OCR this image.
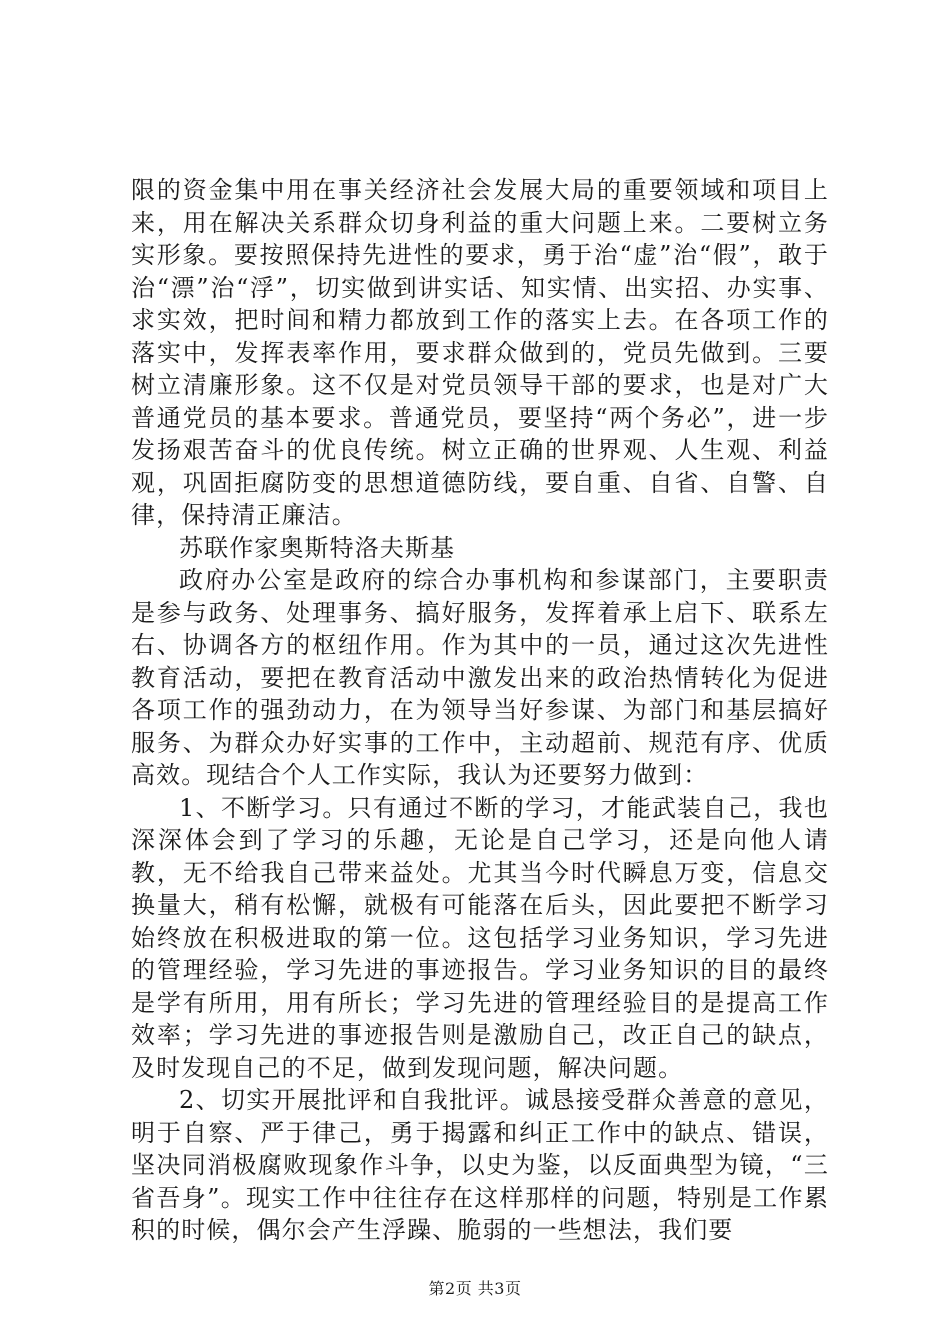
限的资金集中用在事关经济社会发展大局的重要领域和项目上来，用在解决关系群众切身利益的重大问题上来。二要树立务实形象。要按照保持先进性的要求，勇于治“虚”治“假”，敢于治“漂”治“浮”，切实做到讲实话、知实情、出实招、办实事、求实效，把时间和精力都放到工作的落实上去。在各项工作的落实中，发挥表率作用，要求群众做到的，党员先做到。三要树立清廉形象。这不仅是对党员领导干部的要求，也是对广大普通党员的基本要求。普通党员，要坚持“两个务必”，进一步发扬艰苦奋斗的优良传统。树立正确的世界观、人生观、利益观，巩固拒腐防变的思想道德防线，要自重、自省、自警、自律，保持清正廉洁。

苏联作家奥斯特洛夫斯基

政府办公室是政府的综合办事机构和参谋部门，主要职责是参与政务、处理事务、搞好服务，发挥着承上启下、联系左右、协调各方的枢纽作用。作为其中的一员，通过这次先进性教育活动，要把在教育活动中激发出来的政治热情转化为促进各项工作的强劲动力，在为领导当好参谋、为部门和基层搞好服务、为群众办好实事的工作中，主动超前、规范有序、优质高效。现结合个人工作实际，我认为还要努力做到：

1、不断学习。只有通过不断的学习，才能武装自己，我也深深体会到了学习的乐趣，无论是自己学习，还是向他人请教，无不给我自己带来益处。尤其当今时代瞬息万变，信息交换量大，稍有松懈，就极有可能落在后头，因此要把不断学习始终放在积极进取的第一位。这包括学习业务知识，学习先进的管理经验，学习先进的事迹报告。学习业务知识的目的最终是学有所用，用有所长；学习先进的管理经验目的是提高工作效率；学习先进的事迹报告则是激励自己，改正自己的缺点，及时发现自己的不足，做到发现问题，解决问题。

2、切实开展批评和自我批评。诚恳接受群众善意的意见，明于自察、严于律己，勇于揭露和纠正工作中的缺点、错误，坚决同消极腐败现象作斗争，以史为鉴，以反面典型为镜，“三省吾身”。现实工作中往往存在这样那样的问题，特别是工作累积的时候，偶尔会产生浮躁、脆弱的一些想法，我们要

第2页 共3页
